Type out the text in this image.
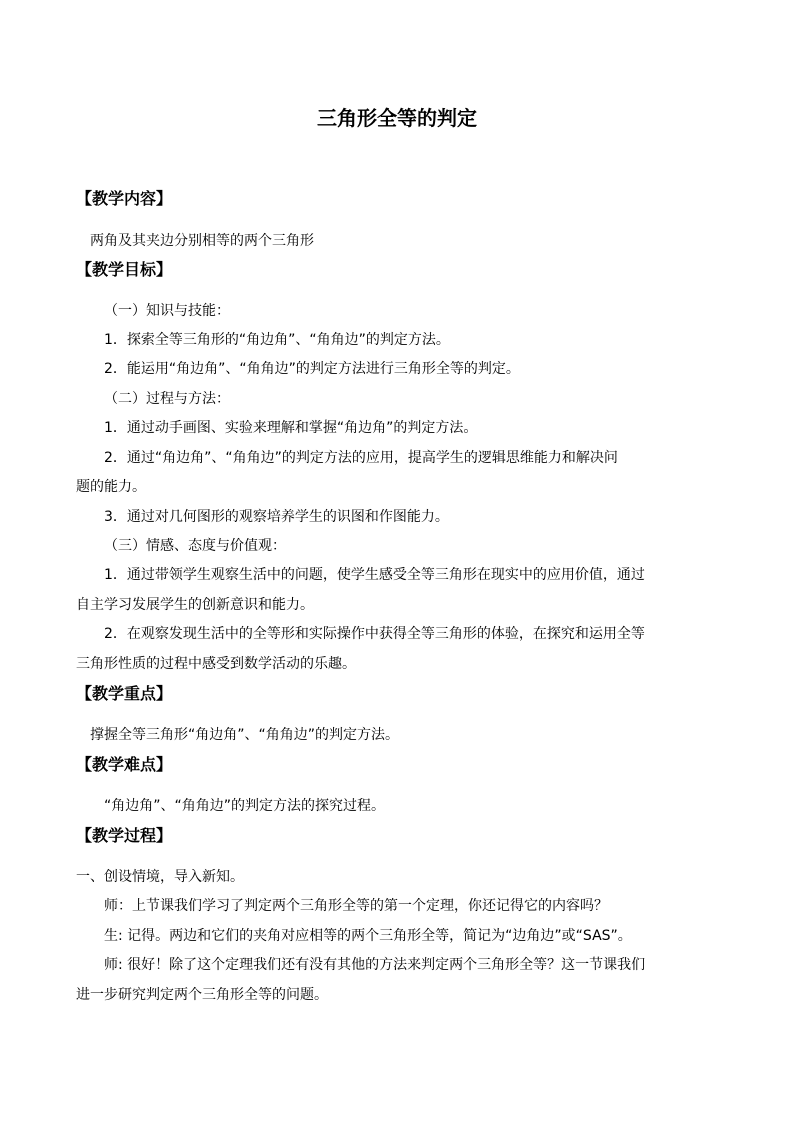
三角形全等的判定
【教学内容】

两角及其夹边分别相等的两个三角形

【教学目标】

（一）知识与技能：

1．探索全等三角形的“角边角”、“角角边”的判定方法。

2．能运用“角边角”、“角角边”的判定方法进行三角形全等的判定。

（二）过程与方法：

1．通过动手画图、实验来理解和掌握“角边角”的判定方法。

2．通过“角边角”、“角角边”的判定方法的应用，提高学生的逻辑思维能力和解决问

题的能力。

3．通过对几何图形的观察培养学生的识图和作图能力。

（三）情感、态度与价值观：

1．通过带领学生观察生活中的问题，使学生感受全等三角形在现实中的应用价值，通过

自主学习发展学生的创新意识和能力。

2．在观察发现生活中的全等形和实际操作中获得全等三角形的体验，在探究和运用全等

三角形性质的过程中感受到数学活动的乐趣。

【教学重点】

撑握全等三角形“角边角”、“角角边”的判定方法。

【教学难点】

“角边角”、“角角边”的判定方法的探究过程。

【教学过程】

一、创设情境，导入新知。

师：上节课我们学习了判定两个三角形全等的第一个定理，你还记得它的内容吗？

生: 记得。两边和它们的夹角对应相等的两个三角形全等，简记为“边角边”或“SAS”。

师: 很好！除了这个定理我们还有没有其他的方法来判定两个三角形全等？这一节课我们

进一步研究判定两个三角形全等的问题。
